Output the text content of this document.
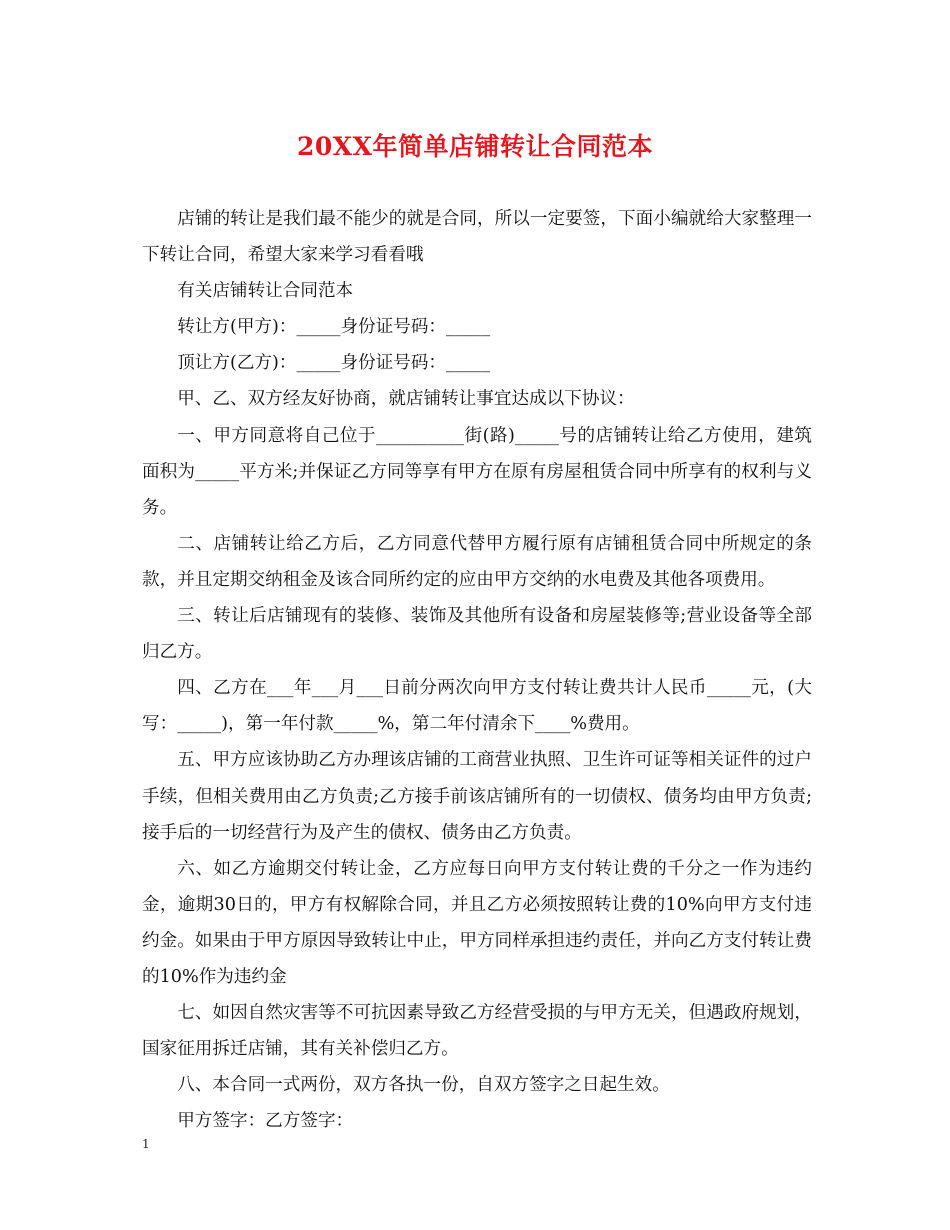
20XX年简单店铺转让合同范本

店铺的转让是我们最不能少的就是合同，所以一定要签，下面小编就给大家整理一下转让合同，希望大家来学习看看哦

有关店铺转让合同范本

转让方(甲方)：_____身份证号码：_____

顶让方(乙方)：_____身份证号码：_____

甲、乙、双方经友好协商，就店铺转让事宜达成以下协议：

一、甲方同意将自己位于__________街(路)_____号的店铺转让给乙方使用，建筑面积为_____平方米;并保证乙方同等享有甲方在原有房屋租赁合同中所享有的权利与义务。

二、店铺转让给乙方后，乙方同意代替甲方履行原有店铺租赁合同中所规定的条款，并且定期交纳租金及该合同所约定的应由甲方交纳的水电费及其他各项费用。

三、转让后店铺现有的装修、装饰及其他所有设备和房屋装修等;营业设备等全部归乙方。

四、乙方在___年___月___日前分两次向甲方支付转让费共计人民币_____元，(大写：_____)，第一年付款_____%，第二年付清余下____%费用。

五、甲方应该协助乙方办理该店铺的工商营业执照、卫生许可证等相关证件的过户手续，但相关费用由乙方负责;乙方接手前该店铺所有的一切债权、债务均由甲方负责;接手后的一切经营行为及产生的债权、债务由乙方负责。

六、如乙方逾期交付转让金，乙方应每日向甲方支付转让费的千分之一作为违约金，逾期30日的，甲方有权解除合同，并且乙方必须按照转让费的10%向甲方支付违约金。如果由于甲方原因导致转让中止，甲方同样承担违约责任，并向乙方支付转让费的10%作为违约金

七、如因自然灾害等不可抗因素导致乙方经营受损的与甲方无关，但遇政府规划，国家征用拆迁店铺，其有关补偿归乙方。

八、本合同一式两份，双方各执一份，自双方签字之日起生效。

甲方签字：乙方签字：

1
